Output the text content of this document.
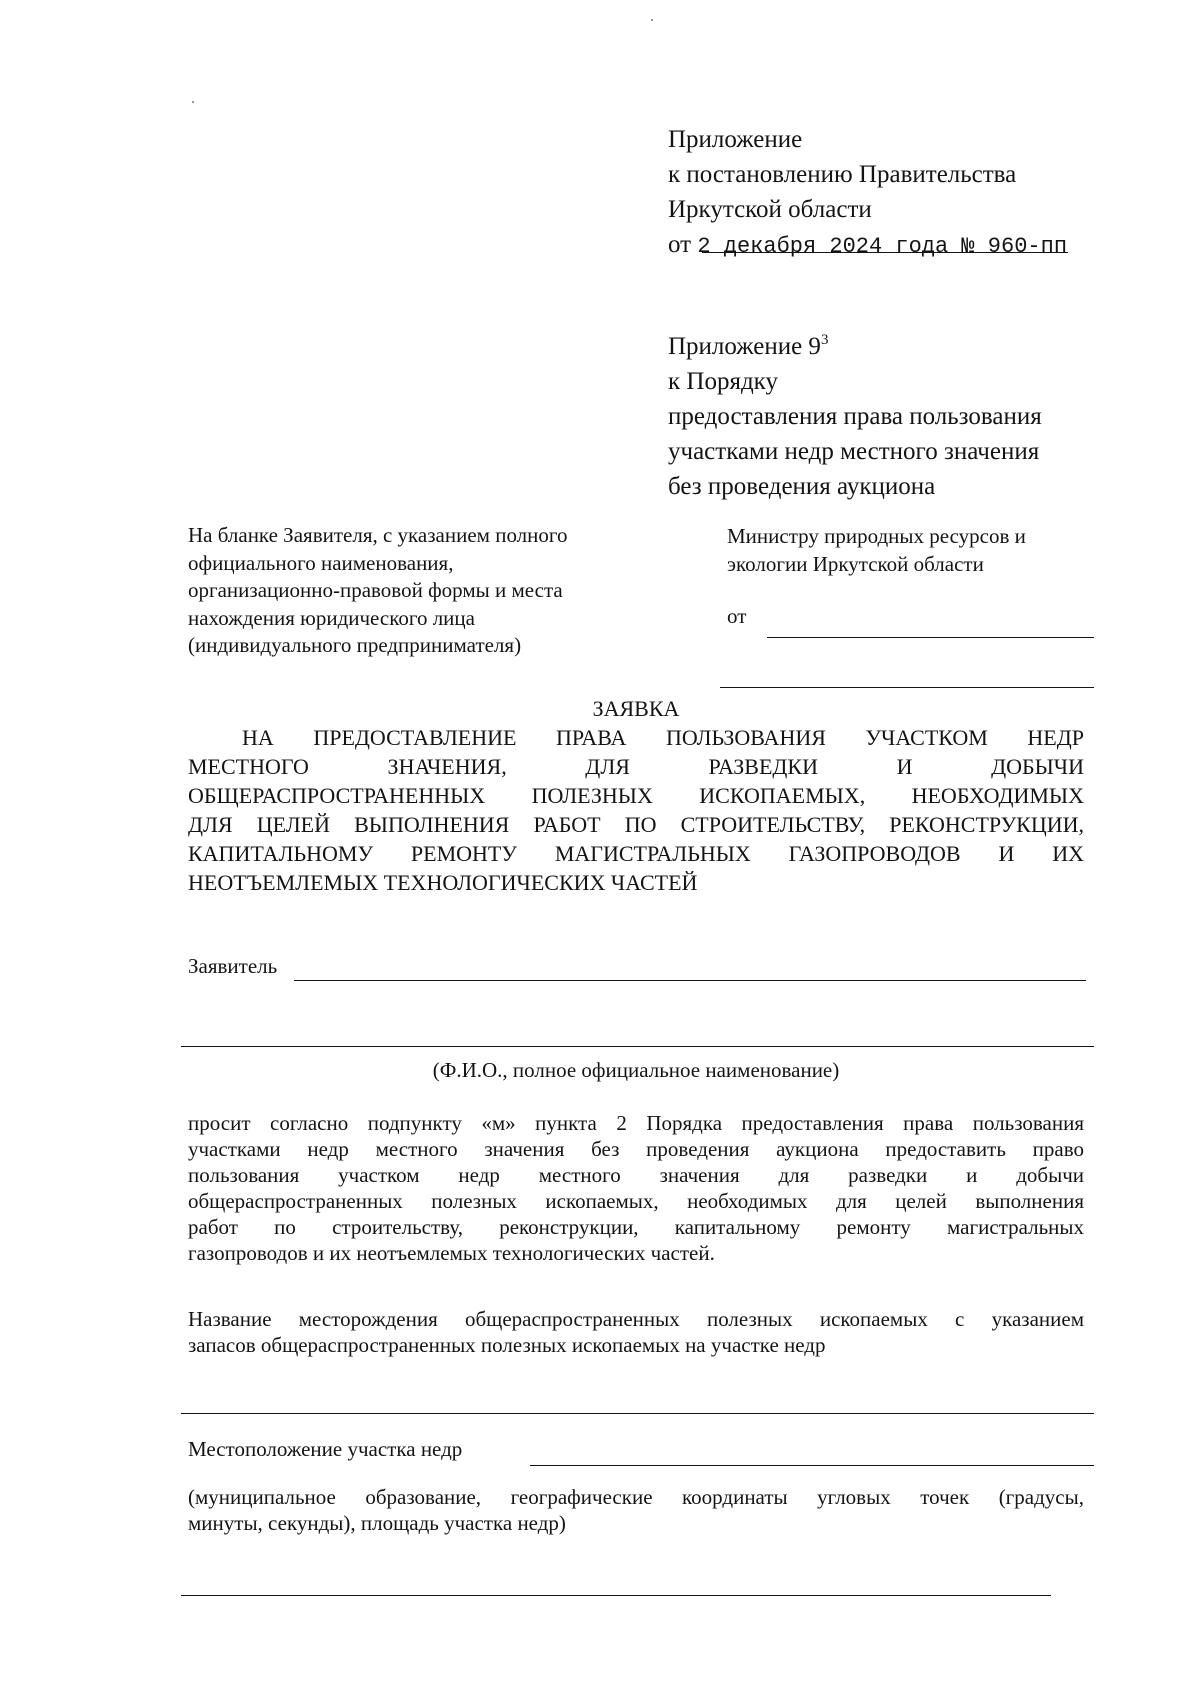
Приложение
к постановлению Правительства
Иркутской области
от 2 декабря 2024 года № 960-пп
Приложение $9^3$
к Порядку
предоставления права пользования
участками недр местного значения
без проведения аукциона
На бланке Заявителя, с указанием полного
официального наименования,
организационно-правовой формы и места
нахождения юридического лица
(индивидуального предпринимателя)
Министру природных ресурсов и
экологии Иркутской области
от
ЗАЯВКА
НА ПРЕДОСТАВЛЕНИЕ ПРАВА ПОЛЬЗОВАНИЯ УЧАСТКОМ НЕДР
МЕСТНОГО ЗНАЧЕНИЯ, ДЛЯ РАЗВЕДКИ И ДОБЫЧИ
ОБЩЕРАСПРОСТРАНЕННЫХ ПОЛЕЗНЫХ ИСКОПАЕМЫХ, НЕОБХОДИМЫХ
ДЛЯ ЦЕЛЕЙ ВЫПОЛНЕНИЯ РАБОТ ПО СТРОИТЕЛЬСТВУ, РЕКОНСТРУКЦИИ,
КАПИТАЛЬНОМУ РЕМОНТУ МАГИСТРАЛЬНЫХ ГАЗОПРОВОДОВ И ИХ
НЕОТЪЕМЛЕМЫХ ТЕХНОЛОГИЧЕСКИХ ЧАСТЕЙ
Заявитель
(Ф.И.О., полное официальное наименование)
просит согласно подпункту «м» пункта 2 Порядка предоставления права пользования
участками недр местного значения без проведения аукциона предоставить право
пользования участком недр местного значения для разведки и добычи
общераспространенных полезных ископаемых, необходимых для целей выполнения
работ по строительству, реконструкции, капитальному ремонту магистральных
газопроводов и их неотъемлемых технологических частей.
Название месторождения общераспространенных полезных ископаемых с указанием
запасов общераспространенных полезных ископаемых на участке недр
Местоположение участка недр
(муниципальное образование, географические координаты угловых точек (градусы,
минуты, секунды), площадь участка недр)
